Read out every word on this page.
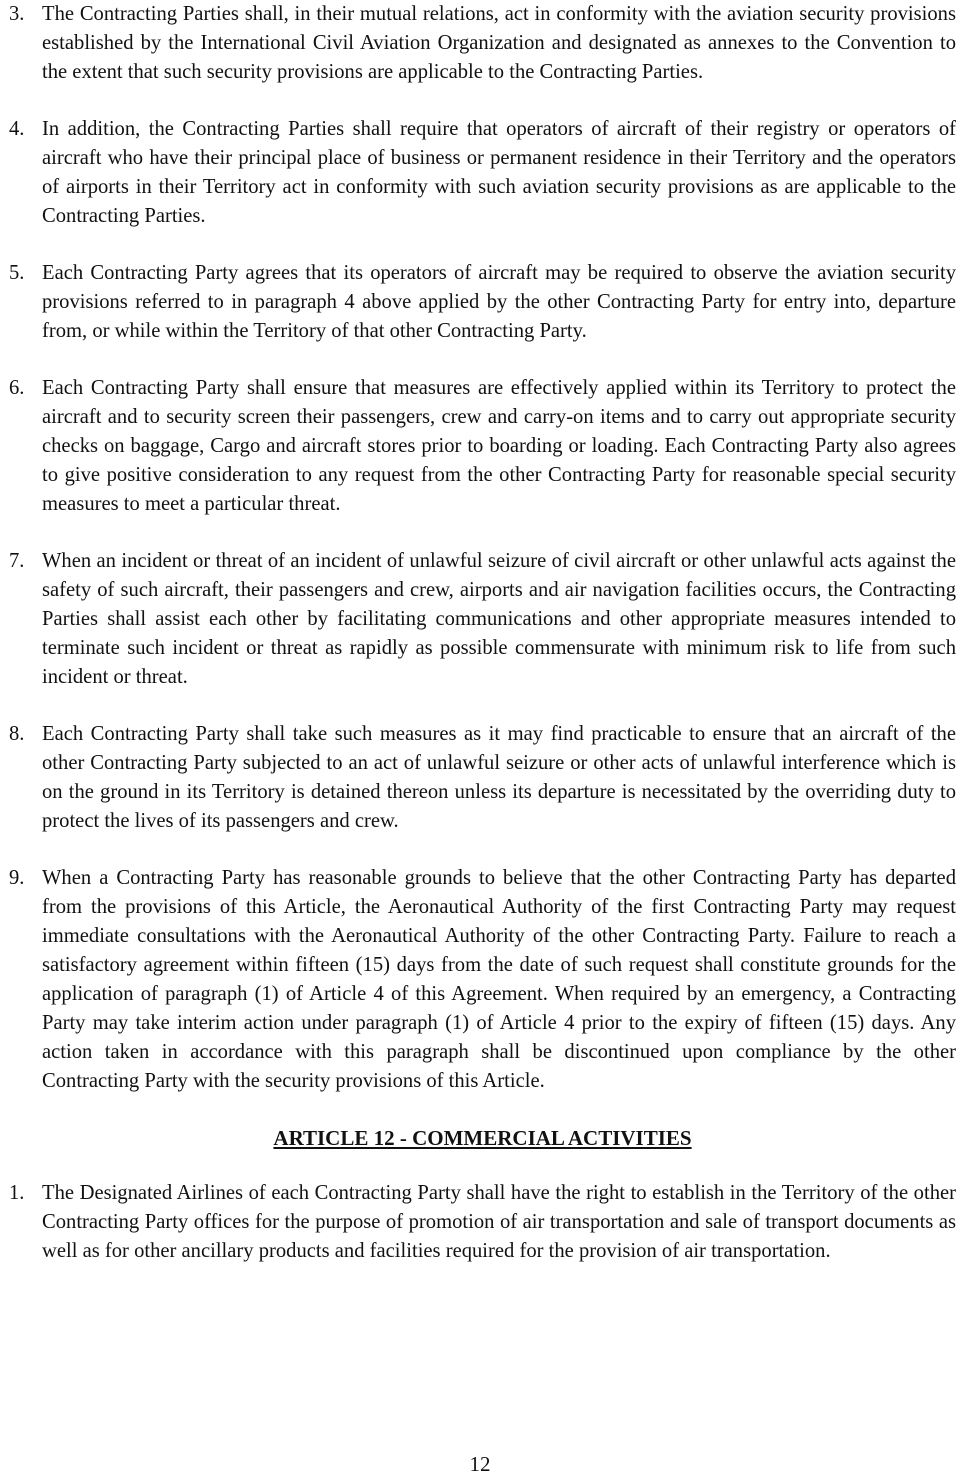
3. The Contracting Parties shall, in their mutual relations, act in conformity with the aviation security provisions established by the International Civil Aviation Organization and designated as annexes to the Convention to the extent that such security provisions are applicable to the Contracting Parties.
4. In addition, the Contracting Parties shall require that operators of aircraft of their registry or operators of aircraft who have their principal place of business or permanent residence in their Territory and the operators of airports in their Territory act in conformity with such aviation security provisions as are applicable to the Contracting Parties.
5. Each Contracting Party agrees that its operators of aircraft may be required to observe the aviation security provisions referred to in paragraph 4 above applied by the other Contracting Party for entry into, departure from, or while within the Territory of that other Contracting Party.
6. Each Contracting Party shall ensure that measures are effectively applied within its Territory to protect the aircraft and to security screen their passengers, crew and carry-on items and to carry out appropriate security checks on baggage, Cargo and aircraft stores prior to boarding or loading. Each Contracting Party also agrees to give positive consideration to any request from the other Contracting Party for reasonable special security measures to meet a particular threat.
7. When an incident or threat of an incident of unlawful seizure of civil aircraft or other unlawful acts against the safety of such aircraft, their passengers and crew, airports and air navigation facilities occurs, the Contracting Parties shall assist each other by facilitating communications and other appropriate measures intended to terminate such incident or threat as rapidly as possible commensurate with minimum risk to life from such incident or threat.
8. Each Contracting Party shall take such measures as it may find practicable to ensure that an aircraft of the other Contracting Party subjected to an act of unlawful seizure or other acts of unlawful interference which is on the ground in its Territory is detained thereon unless its departure is necessitated by the overriding duty to protect the lives of its passengers and crew.
9. When a Contracting Party has reasonable grounds to believe that the other Contracting Party has departed from the provisions of this Article, the Aeronautical Authority of the first Contracting Party may request immediate consultations with the Aeronautical Authority of the other Contracting Party. Failure to reach a satisfactory agreement within fifteen (15) days from the date of such request shall constitute grounds for the application of paragraph (1) of Article 4 of this Agreement. When required by an emergency, a Contracting Party may take interim action under paragraph (1) of Article 4 prior to the expiry of fifteen (15) days. Any action taken in accordance with this paragraph shall be discontinued upon compliance by the other Contracting Party with the security provisions of this Article.
ARTICLE 12 - COMMERCIAL ACTIVITIES
1. The Designated Airlines of each Contracting Party shall have the right to establish in the Territory of the other Contracting Party offices for the purpose of promotion of air transportation and sale of transport documents as well as for other ancillary products and facilities required for the provision of air transportation.
12
